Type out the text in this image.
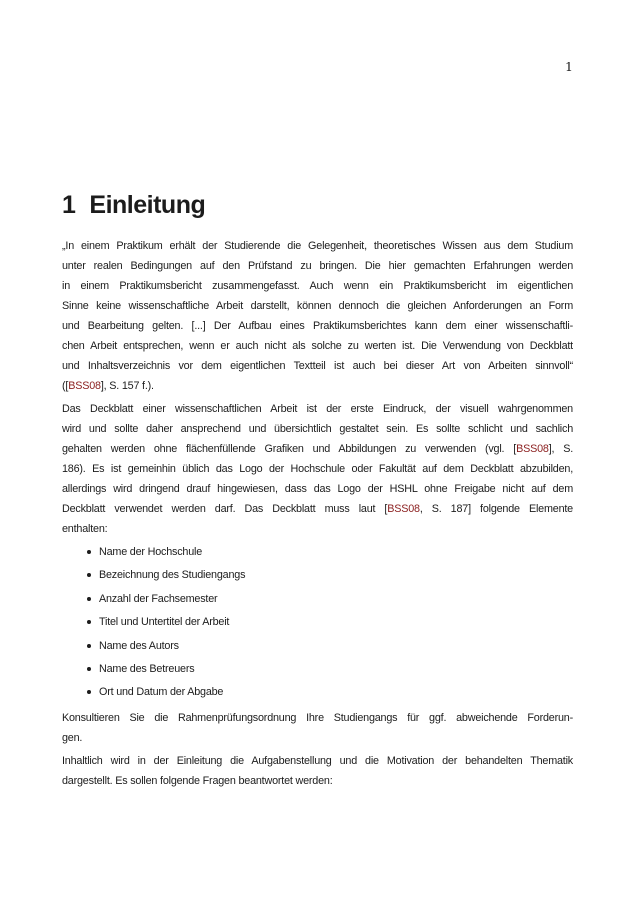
1
1 Einleitung
„In einem Praktikum erhält der Studierende die Gelegenheit, theoretisches Wissen aus dem Studium
unter realen Bedingungen auf den Prüfstand zu bringen. Die hier gemachten Erfahrungen werden
in einem Praktikumsbericht zusammengefasst. Auch wenn ein Praktikumsbericht im eigentlichen
Sinne keine wissenschaftliche Arbeit darstellt, können dennoch die gleichen Anforderungen an Form
und Bearbeitung gelten. [...] Der Aufbau eines Praktikumsberichtes kann dem einer wissenschaftli-
chen Arbeit entsprechen, wenn er auch nicht als solche zu werten ist. Die Verwendung von Deckblatt
und Inhaltsverzeichnis vor dem eigentlichen Textteil ist auch bei dieser Art von Arbeiten sinnvoll“
([BSS08], S. 157 f.).
Das Deckblatt einer wissenschaftlichen Arbeit ist der erste Eindruck, der visuell wahrgenommen
wird und sollte daher ansprechend und übersichtlich gestaltet sein. Es sollte schlicht und sachlich
gehalten werden ohne flächenfüllende Grafiken und Abbildungen zu verwenden (vgl. [BSS08], S.
186). Es ist gemeinhin üblich das Logo der Hochschule oder Fakultät auf dem Deckblatt abzubilden,
allerdings wird dringend drauf hingewiesen, dass das Logo der HSHL ohne Freigabe nicht auf dem
Deckblatt verwendet werden darf. Das Deckblatt muss laut [BSS08, S. 187] folgende Elemente
enthalten:
Name der Hochschule
Bezeichnung des Studiengangs
Anzahl der Fachsemester
Titel und Untertitel der Arbeit
Name des Autors
Name des Betreuers
Ort und Datum der Abgabe
Konsultieren Sie die Rahmenprüfungsordnung Ihre Studiengangs für ggf. abweichende Forderun-
gen.
Inhaltlich wird in der Einleitung die Aufgabenstellung und die Motivation der behandelten Thematik
dargestellt. Es sollen folgende Fragen beantwortet werden:
